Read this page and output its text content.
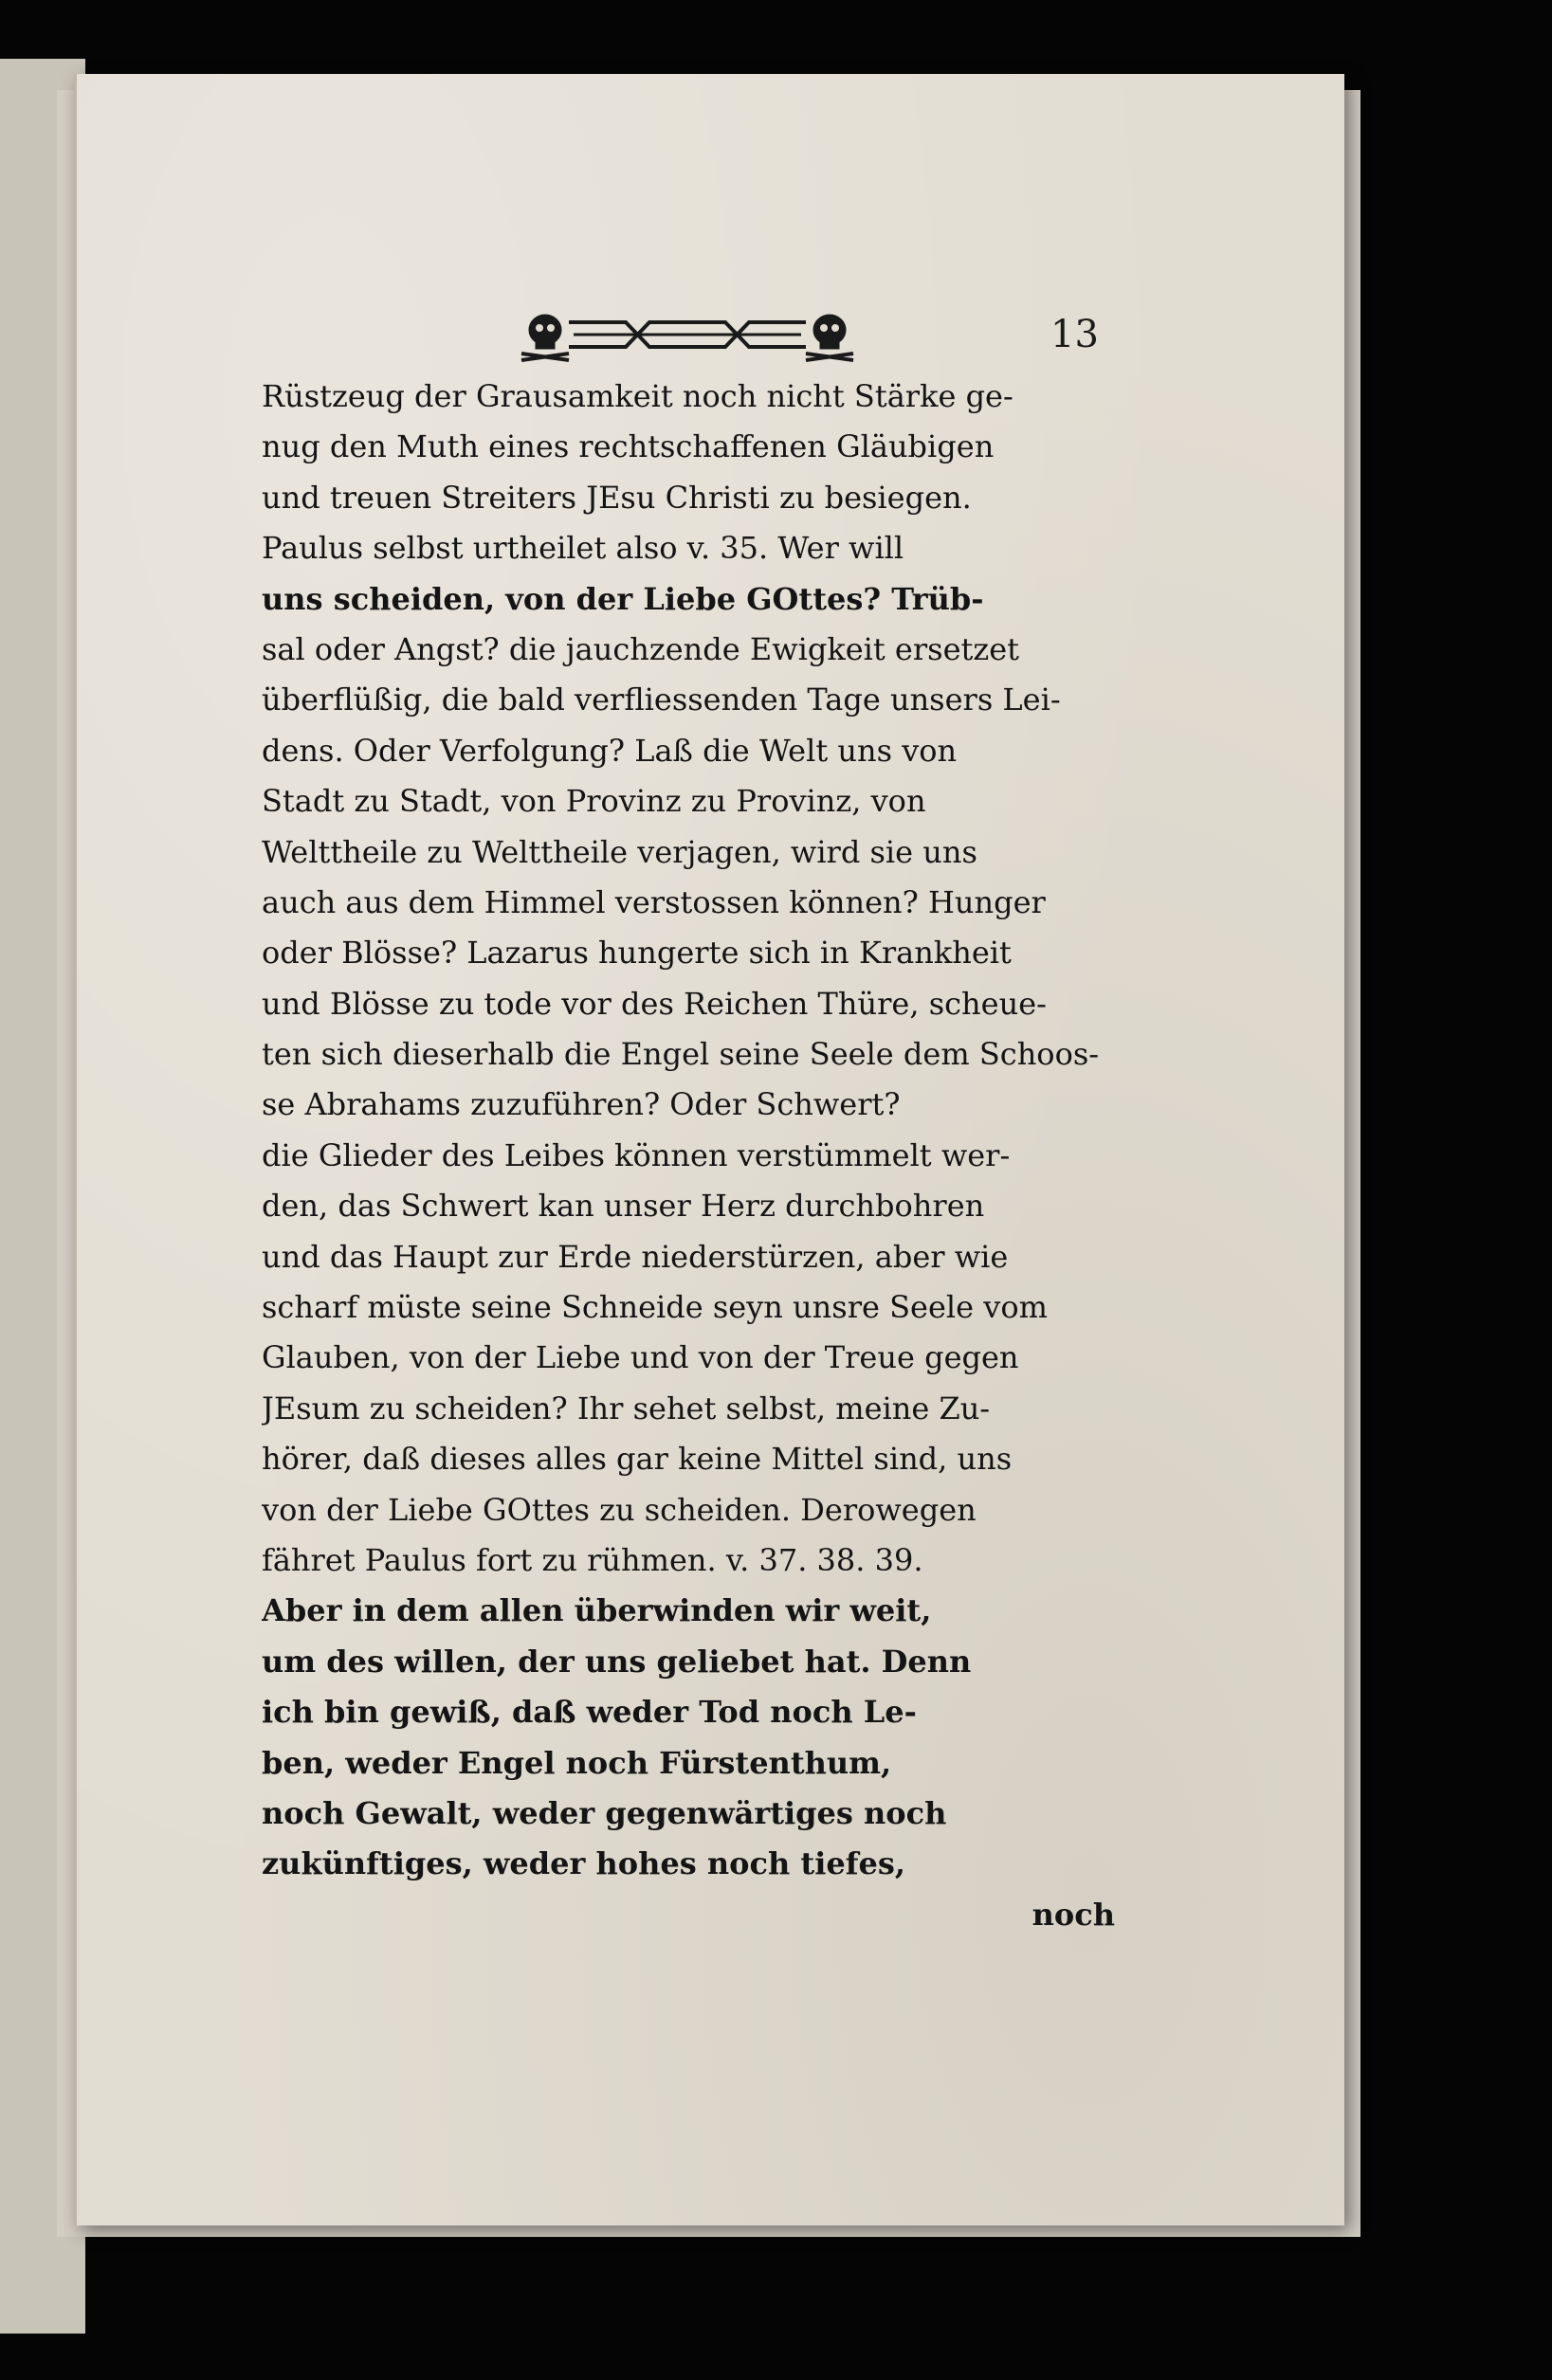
13
Rüstzeug der Grausamkeit noch nicht Stärke ge-
nug den Muth eines rechtschaffenen Gläubigen
und treuen Streiters JEsu Christi zu besiegen.
Paulus selbst urtheilet also v. 35. Wer will
uns scheiden, von der Liebe GOttes? Trüb-
sal oder Angst? die jauchzende Ewigkeit ersetzet
überflüßig, die bald verfliessenden Tage unsers Lei-
dens. Oder Verfolgung? Laß die Welt uns von
Stadt zu Stadt, von Provinz zu Provinz, von
Welttheile zu Welttheile verjagen, wird sie uns
auch aus dem Himmel verstossen können? Hunger
oder Blösse? Lazarus hungerte sich in Krankheit
und Blösse zu tode vor des Reichen Thüre, scheue-
ten sich dieserhalb die Engel seine Seele dem Schoos-
se Abrahams zuzuführen? Oder Schwert?
die Glieder des Leibes können verstümmelt wer-
den, das Schwert kan unser Herz durchbohren
und das Haupt zur Erde niederstürzen, aber wie
scharf müste seine Schneide seyn unsre Seele vom
Glauben, von der Liebe und von der Treue gegen
JEsum zu scheiden? Ihr sehet selbst, meine Zu-
hörer, daß dieses alles gar keine Mittel sind, uns
von der Liebe GOttes zu scheiden. Derowegen
fähret Paulus fort zu rühmen. v. 37. 38. 39.
Aber in dem allen überwinden wir weit,
um des willen, der uns geliebet hat. Denn
ich bin gewiß, daß weder Tod noch Le-
ben, weder Engel noch Fürstenthum,
noch Gewalt, weder gegenwärtiges noch
zukünftiges, weder hohes noch tiefes,
noch
